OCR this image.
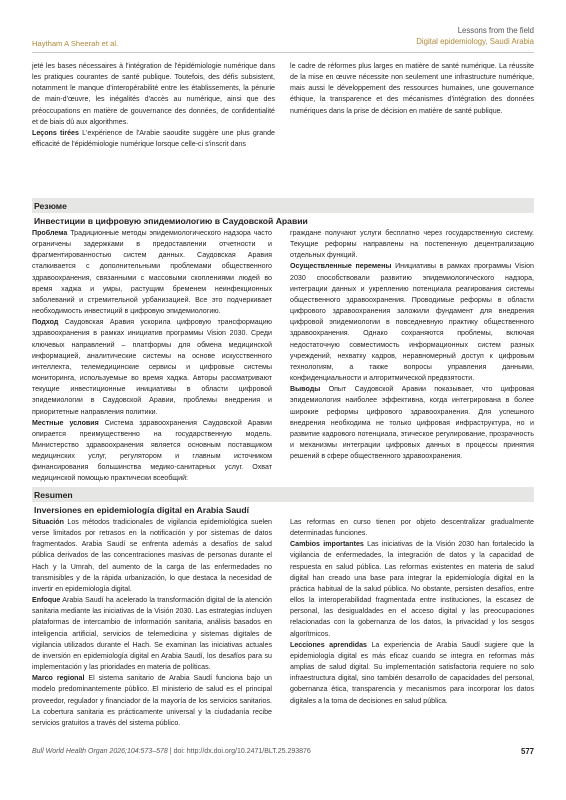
Haytham A Sheerah et al.
Lessons from the field
Digital epidemiology, Saudi Arabia

jeté les bases nécessaires à l'intégration de l'épidémiologie numérique dans les pratiques courantes de santé publique. Toutefois, des défis subsistent, notamment le manque d'interopérabilité entre les établissements, la pénurie de main-d'œuvre, les inégalités d'accès au numérique, ainsi que des préoccupations en matière de gouvernance des données, de confidentialité et de biais dû aux algorithmes.

Leçons tirées L'expérience de l'Arabie saoudite suggère une plus grande efficacité de l'épidémiologie numérique lorsque celle-ci s'inscrit dans

le cadre de réformes plus larges en matière de santé numérique. La réussite de la mise en œuvre nécessite non seulement une infrastructure numérique, mais aussi le développement des ressources humaines, une gouvernance éthique, la transparence et des mécanismes d'intégration des données numériques dans la prise de décision en matière de santé publique.

Резюме
Инвестиции в цифровую эпидемиологию в Саудовской Аравии

Проблема Традиционные методы эпидемиологического надзора часто ограничены задержками в предоставлении отчетности и фрагментированностью систем данных. Саудовская Аравия сталкивается с дополнительными проблемами общественного здравоохранения, связанными с массовыми скоплениями людей во время хаджа и умры, растущим бременем неинфекционных заболеваний и стремительной урбанизацией. Все это подчеркивает необходимость инвестиций в цифровую эпидемиологию.

Подход Саудовская Аравия ускорила цифровую трансформацию здравоохранения в рамках инициатив программы Vision 2030. Среди ключевых направлений – платформы для обмена медицинской информацией, аналитические системы на основе искусственного интеллекта, телемедицинские сервисы и цифровые системы мониторинга, используемые во время хаджа. Авторы рассматривают текущие инвестиционные инициативы в области цифровой эпидемиологии в Саудовской Аравии, проблемы внедрения и приоритетные направления политики.

Местные условия Система здравоохранения Саудовской Аравии опирается преимущественно на государственную модель. Министерство здравоохранения является основным поставщиком медицинских услуг, регулятором и главным источником финансирования большинства медико-санитарных услуг. Охват медицинской помощью практически всеобщий:

граждане получают услуги бесплатно через государственную систему. Текущие реформы направлены на постепенную децентрализацию отдельных функций.

Осуществленные перемены Инициативы в рамках программы Vision 2030 способствовали развитию эпидемиологического надзора, интеграции данных и укреплению потенциала реагирования системы общественного здравоохранения. Проводимые реформы в области цифрового здравоохранения заложили фундамент для внедрения цифровой эпидемиологии в повседневную практику общественного здравоохранения. Однако сохраняются проблемы, включая недостаточную совместимость информационных систем разных учреждений, нехватку кадров, неравномерный доступ к цифровым технологиям, а также вопросы управления данными, конфиденциальности и алгоритмической предвзятости.

Выводы Опыт Саудовской Аравии показывает, что цифровая эпидемиология наиболее эффективна, когда интегрирована в более широкие реформы цифрового здравоохранения. Для успешного внедрения необходима не только цифровая инфраструктура, но и развитие кадрового потенциала, этическое регулирование, прозрачность и механизмы интеграции цифровых данных в процессы принятия решений в сфере общественного здравоохранения.

Resumen
Inversiones en epidemiología digital en Arabia Saudí

Situación Los métodos tradicionales de vigilancia epidemiológica suelen verse limitados por retrasos en la notificación y por sistemas de datos fragmentados. Arabia Saudí se enfrenta además a desafíos de salud pública derivados de las concentraciones masivas de personas durante el Hach y la Umrah, del aumento de la carga de las enfermedades no transmisibles y de la rápida urbanización, lo que destaca la necesidad de invertir en epidemiología digital.

Enfoque Arabia Saudí ha acelerado la transformación digital de la atención sanitaria mediante las iniciativas de la Visión 2030. Las estrategias incluyen plataformas de intercambio de información sanitaria, análisis basados en inteligencia artificial, servicios de telemedicina y sistemas digitales de vigilancia utilizados durante el Hach. Se examinan las iniciativas actuales de inversión en epidemiología digital en Arabia Saudí, los desafíos para su implementación y las prioridades en materia de políticas.

Marco regional El sistema sanitario de Arabia Saudí funciona bajo un modelo predominantemente público. El ministerio de salud es el principal proveedor, regulador y financiador de la mayoría de los servicios sanitarios. La cobertura sanitaria es prácticamente universal y la ciudadanía recibe servicios gratuitos a través del sistema público.

Las reformas en curso tienen por objeto descentralizar gradualmente determinadas funciones.

Cambios importantes Las iniciativas de la Visión 2030 han fortalecido la vigilancia de enfermedades, la integración de datos y la capacidad de respuesta en salud pública. Las reformas existentes en materia de salud digital han creado una base para integrar la epidemiología digital en la práctica habitual de la salud pública. No obstante, persisten desafíos, entre ellos la interoperabilidad fragmentada entre instituciones, la escasez de personal, las desigualdades en el acceso digital y las preocupaciones relacionadas con la gobernanza de los datos, la privacidad y los sesgos algorítmicos.

Lecciones aprendidas La experiencia de Arabia Saudí sugiere que la epidemiología digital es más eficaz cuando se integra en reformas más amplias de salud digital. Su implementación satisfactoria requiere no solo infraestructura digital, sino también desarrollo de capacidades del personal, gobernanza ética, transparencia y mecanismos para incorporar los datos digitales a la toma de decisiones en salud pública.

Bull World Health Organ 2026;104:573–578 | doi: http://dx.doi.org/10.2471/BLT.25.293876	577
